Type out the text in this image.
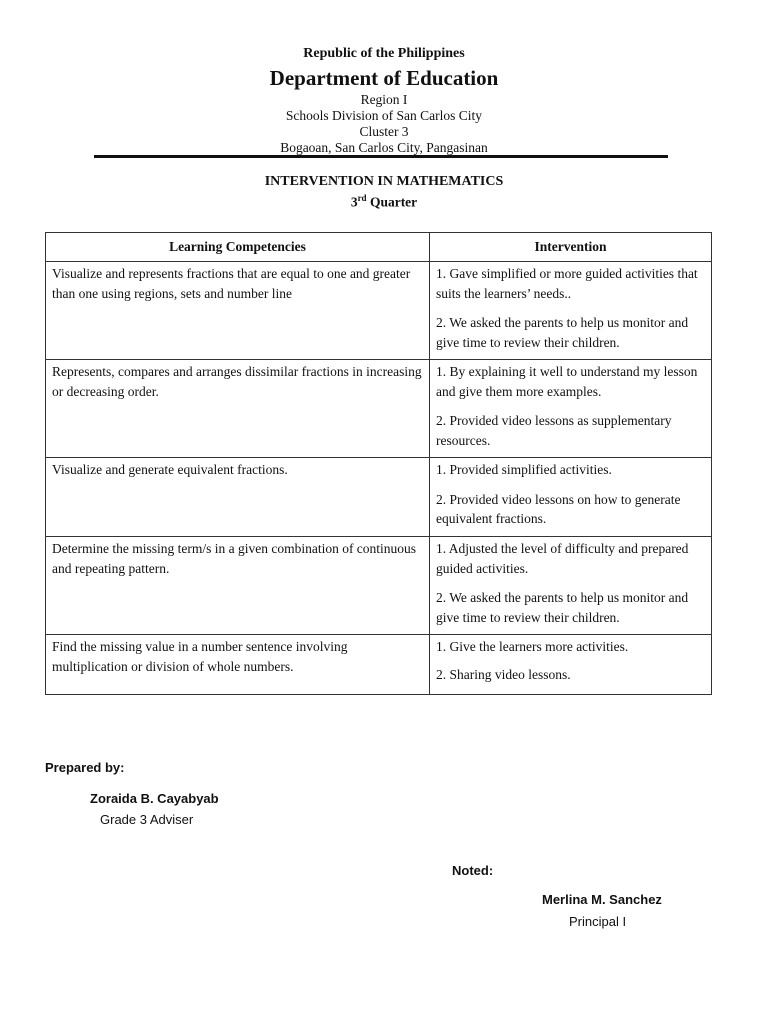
Republic of the Philippines
Department of Education
Region I
Schools Division of San Carlos City
Cluster 3
Bogaoan, San Carlos City, Pangasinan
INTERVENTION IN MATHEMATICS
3rd Quarter
Learning Competencies	Intervention
Visualize and represents fractions that are equal to one and greater than one using regions, sets and number line	1. Gave simplified or more guided activities that suits the learners’ needs..

2. We asked the parents to help us monitor and give time to review their children.

Represents, compares and arranges dissimilar fractions in increasing or decreasing order.	1. By explaining it well to understand my lesson and give them more examples.

2. Provided video lessons as supplementary resources.

Visualize and generate equivalent fractions.	1. Provided simplified activities.

2. Provided video lessons on how to generate equivalent fractions.

Determine the missing term/s in a given combination of continuous and repeating pattern.	1. Adjusted the level of difficulty and prepared guided activities.

2. We asked the parents to help us monitor and give time to review their children.

Find the missing value in a number sentence involving multiplication or division of whole numbers.	1. Give the learners more activities.

2. Sharing video lessons.

Prepared by:
Zoraida B. Cayabyab
Grade 3 Adviser
Noted:
Merlina M. Sanchez
Principal I
